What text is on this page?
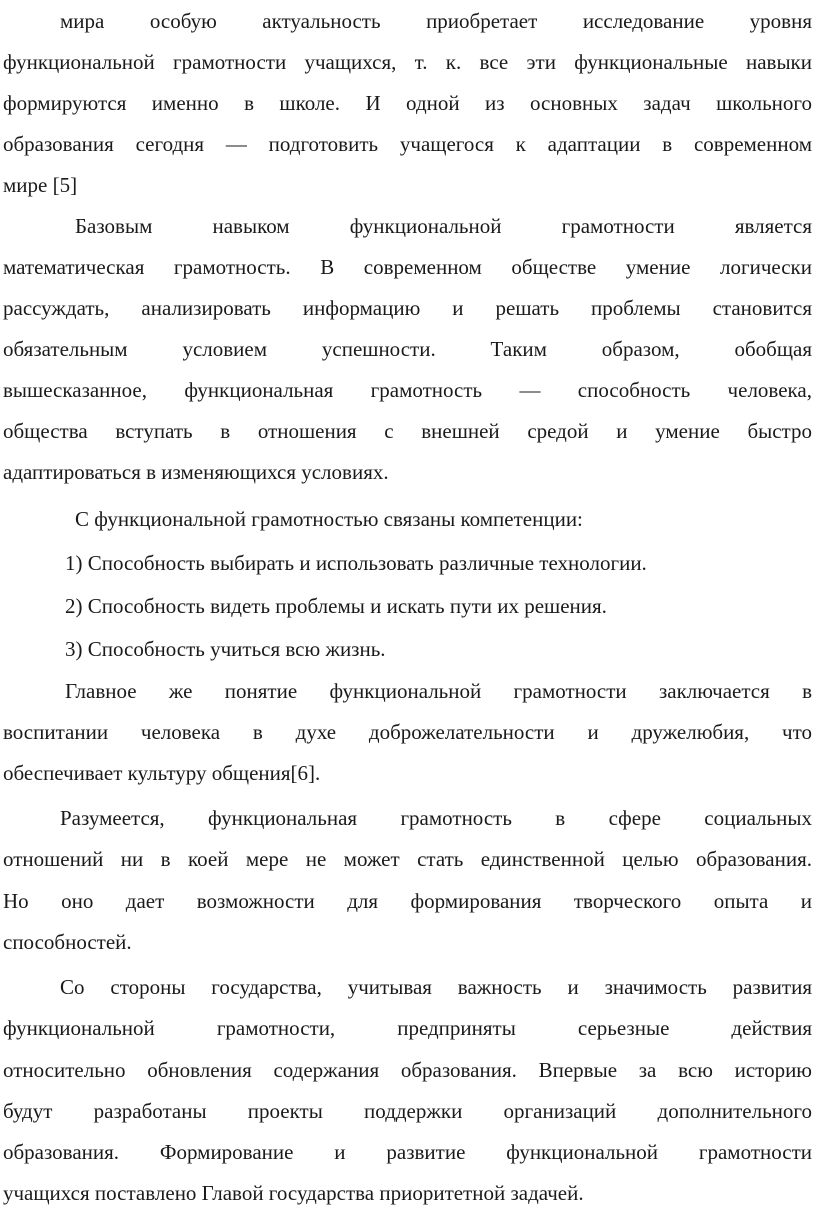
мира особую актуальность приобретает исследование уровня
функциональной грамотности учащихся, т. к. все эти функциональные навыки
формируются именно в школе. И одной из основных задач школьного
образования сегодня — подготовить учащегося к адаптации в современном
мире [5]
Базовым навыком функциональной грамотности является
математическая грамотность. В современном обществе умение логически
рассуждать, анализировать информацию и решать проблемы становится
обязательным условием успешности. Таким образом, обобщая
вышесказанное, функциональная грамотность — способность человека,
общества вступать в отношения с внешней средой и умение быстро
адаптироваться в изменяющихся условиях.
С функциональной грамотностью связаны компетенции:
1) Способность выбирать и использовать различные технологии.
2) Способность видеть проблемы и искать пути их решения.
3) Способность учиться всю жизнь.
Главное же понятие функциональной грамотности заключается в
воспитании человека в духе доброжелательности и дружелюбия, что
обеспечивает культуру общения[6].
Разумеется, функциональная грамотность в сфере социальных
отношений ни в коей мере не может стать единственной целью образования.
Но оно дает возможности для формирования творческого опыта и
способностей.
Со стороны государства, учитывая важность и значимость развития
функциональной грамотности, предприняты серьезные действия
относительно обновления содержания образования. Впервые за всю историю
будут разработаны проекты поддержки организаций дополнительного
образования. Формирование и развитие функциональной грамотности
учащихся поставлено Главой государства приоритетной задачей.
